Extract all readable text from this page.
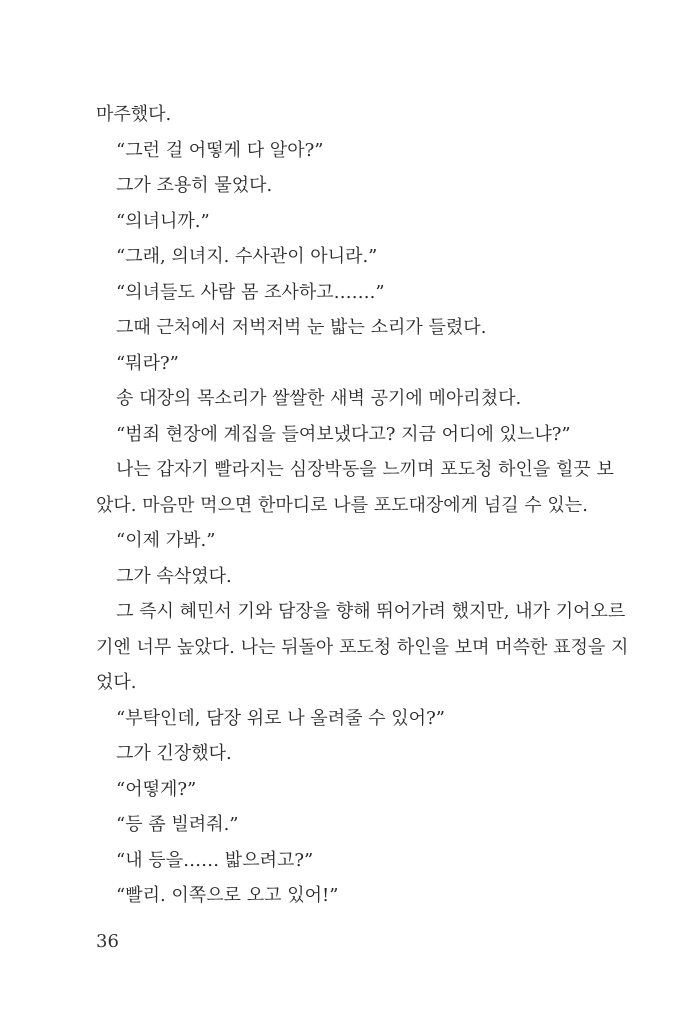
마주했다.
“그런 걸 어떻게 다 알아?”
그가 조용히 물었다.
“의녀니까.”
“그래, 의녀지. 수사관이 아니라.”
“의녀들도 사람 몸 조사하고…….”
그때 근처에서 저벅저벅 눈 밟는 소리가 들렸다.
“뭐라?”
송 대장의 목소리가 쌀쌀한 새벽 공기에 메아리쳤다.
“범죄 현장에 계집을 들여보냈다고? 지금 어디에 있느냐?”
나는 갑자기 빨라지는 심장박동을 느끼며 포도청 하인을 힐끗 보
았다. 마음만 먹으면 한마디로 나를 포도대장에게 넘길 수 있는.
“이제 가봐.”
그가 속삭였다.
그 즉시 혜민서 기와 담장을 향해 뛰어가려 했지만, 내가 기어오르
기엔 너무 높았다. 나는 뒤돌아 포도청 하인을 보며 머쓱한 표정을 지
었다.
“부탁인데, 담장 위로 나 올려줄 수 있어?”
그가 긴장했다.
“어떻게?”
“등 좀 빌려줘.”
“내 등을…… 밟으려고?”
“빨리. 이쪽으로 오고 있어!”
36
